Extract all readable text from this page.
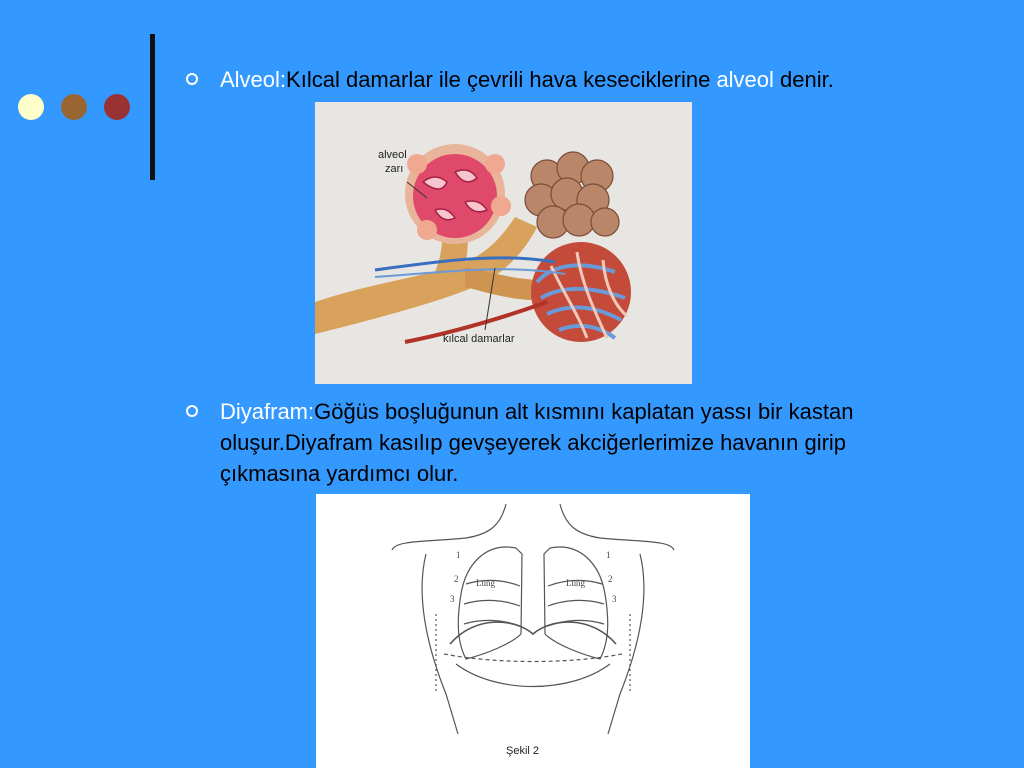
Alveol:Kılcal damarlar ile çevrili hava keseciklerine alveol denir.
alveol
zarı
kılcal damarlar
Diyafram:Göğüs boşluğunun alt kısmını kaplatan yassı bir kastan oluşur.Diyafram kasılıp gevşeyerek akciğerlerimize havanın girip çıkmasına yardımcı olur.
Lung	Lung
1
2
3
1
2
3
Şekil 2
